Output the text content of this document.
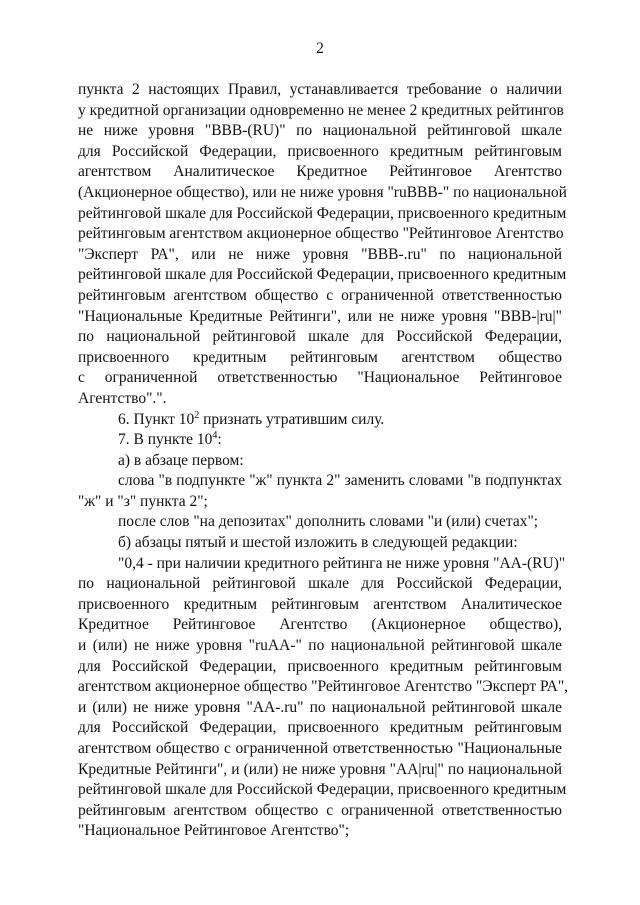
2
пункта 2 настоящих Правил, устанавливается требование о наличии
у кредитной организации одновременно не менее 2 кредитных рейтингов
не ниже уровня "BBB-(RU)" по национальной рейтинговой шкале
для Российской Федерации, присвоенного кредитным рейтинговым
агентством Аналитическое Кредитное Рейтинговое Агентство
(Акционерное общество), или не ниже уровня "ruBBB-" по национальной
рейтинговой шкале для Российской Федерации, присвоенного кредитным
рейтинговым агентством акционерное общество "Рейтинговое Агентство
"Эксперт РА", или не ниже уровня "BBB-.ru" по национальной
рейтинговой шкале для Российской Федерации, присвоенного кредитным
рейтинговым агентством общество с ограниченной ответственностью
"Национальные Кредитные Рейтинги", или не ниже уровня "BBB-|ru|"
по национальной рейтинговой шкале для Российской Федерации,
присвоенного кредитным рейтинговым агентством общество
с ограниченной ответственностью "Национальное Рейтинговое
Агентство".".
6. Пункт $10^2$ признать утратившим силу.
7. В пункте $10^4$:
а) в абзаце первом:
слова "в подпункте "ж" пункта 2" заменить словами "в подпунктах
"ж" и "з" пункта 2";
после слов "на депозитах" дополнить словами "и (или) счетах";
б) абзацы пятый и шестой изложить в следующей редакции:
"0,4 - при наличии кредитного рейтинга не ниже уровня "AA-(RU)"
по национальной рейтинговой шкале для Российской Федерации,
присвоенного кредитным рейтинговым агентством Аналитическое
Кредитное Рейтинговое Агентство (Акционерное общество),
и (или) не ниже уровня "ruAA-" по национальной рейтинговой шкале
для Российской Федерации, присвоенного кредитным рейтинговым
агентством акционерное общество "Рейтинговое Агентство "Эксперт РА",
и (или) не ниже уровня "AA-.ru" по национальной рейтинговой шкале
для Российской Федерации, присвоенного кредитным рейтинговым
агентством общество с ограниченной ответственностью "Национальные
Кредитные Рейтинги", и (или) не ниже уровня "AA|ru|" по национальной
рейтинговой шкале для Российской Федерации, присвоенного кредитным
рейтинговым агентством общество с ограниченной ответственностью
"Национальное Рейтинговое Агентство";
